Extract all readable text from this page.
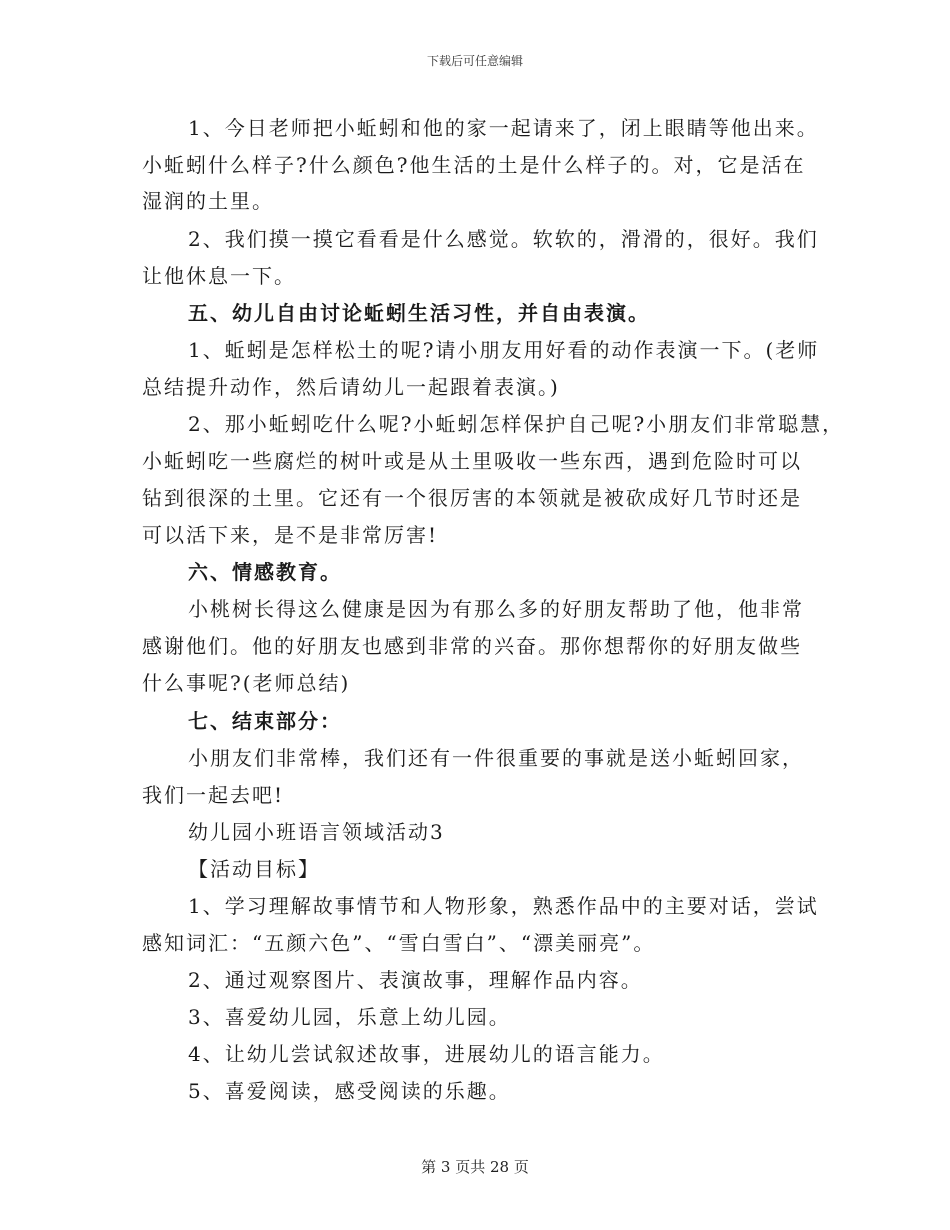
下载后可任意编辑
1、今日老师把小蚯蚓和他的家一起请来了，闭上眼睛等他出来。
小蚯蚓什么样子?什么颜色?他生活的土是什么样子的。对，它是活在
湿润的土里。
2、我们摸一摸它看看是什么感觉。软软的，滑滑的，很好。我们
让他休息一下。
五、幼儿自由讨论蚯蚓生活习性，并自由表演。
1、蚯蚓是怎样松土的呢?请小朋友用好看的动作表演一下。(老师
总结提升动作，然后请幼儿一起跟着表演。)
2、那小蚯蚓吃什么呢?小蚯蚓怎样保护自己呢?小朋友们非常聪慧，
小蚯蚓吃一些腐烂的树叶或是从土里吸收一些东西，遇到危险时可以
钻到很深的土里。它还有一个很厉害的本领就是被砍成好几节时还是
可以活下来，是不是非常厉害!
六、情感教育。
小桃树长得这么健康是因为有那么多的好朋友帮助了他，他非常
感谢他们。他的好朋友也感到非常的兴奋。那你想帮你的好朋友做些
什么事呢?(老师总结)
七、结束部分：
小朋友们非常棒，我们还有一件很重要的事就是送小蚯蚓回家，
我们一起去吧!
幼儿园小班语言领域活动3
【活动目标】
1、学习理解故事情节和人物形象，熟悉作品中的主要对话，尝试
感知词汇：“五颜六色”、“雪白雪白”、“漂美丽亮”。
2、通过观察图片、表演故事，理解作品内容。
3、喜爱幼儿园，乐意上幼儿园。
4、让幼儿尝试叙述故事，进展幼儿的语言能力。
5、喜爱阅读，感受阅读的乐趣。
第 3 页共 28 页
